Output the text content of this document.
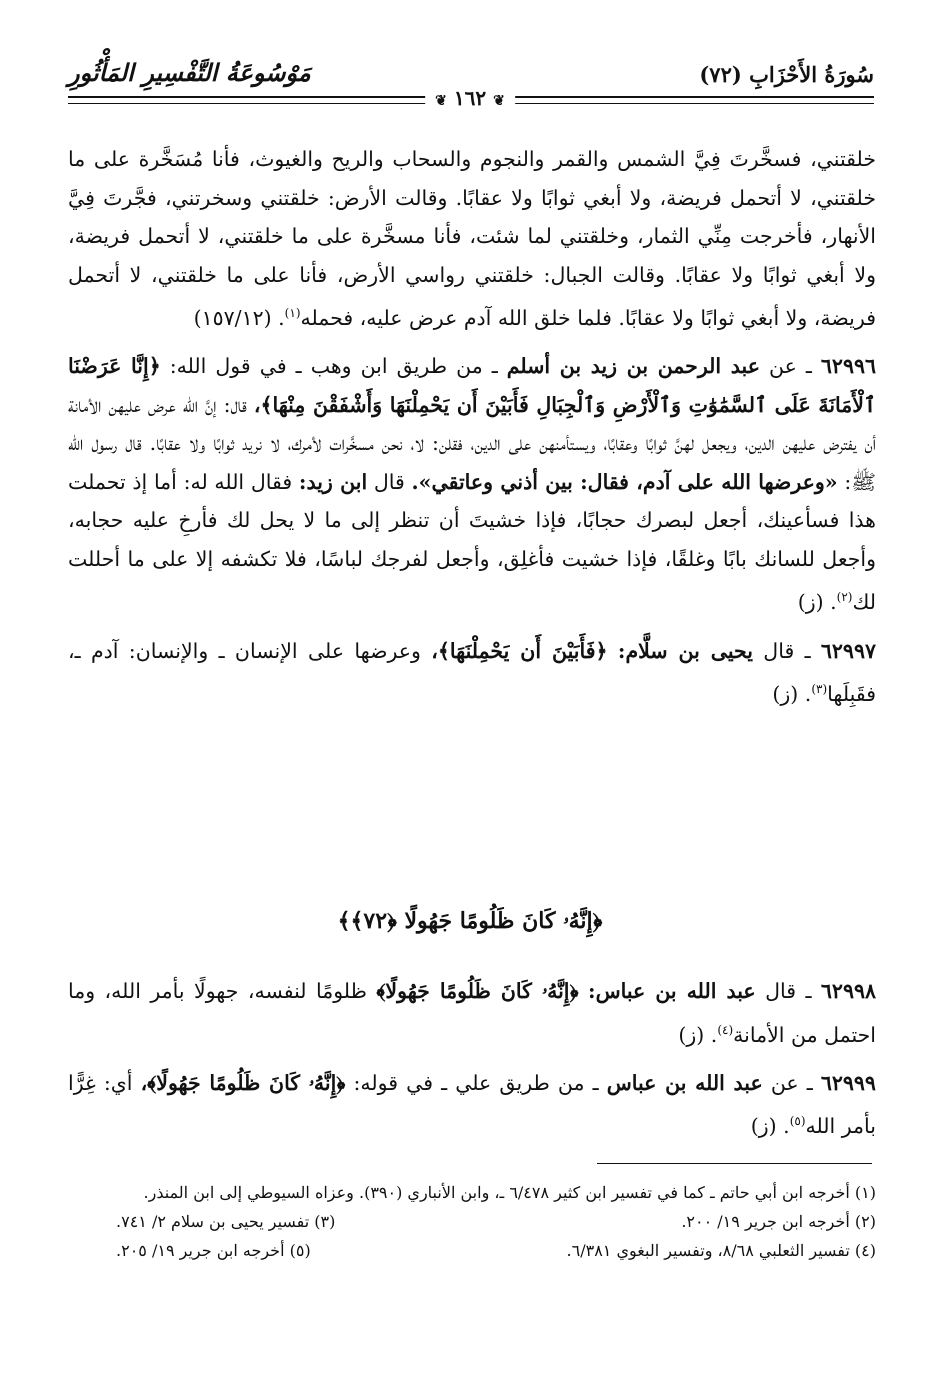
سُورَةُ الأَحْزَابِ (٧٢)
مَوْسُوعَةُ التَّفْسِيرِ المَأْثُورِ
❦ ١٦٢ ❦

خلقتني، فسخَّرتَ فِيَّ الشمس والقمر والنجوم والسحاب والريح والغيوث، فأنا مُسَخَّرة على ما خلقتني، لا أتحمل فريضة، ولا أبغي ثوابًا ولا عقابًا. وقالت الأرض: خلقتني وسخرتني، فجَّرتَ فِيَّ الأنهار، فأخرجت مِنِّي الثمار، وخلقتني لما شئت، فأنا مسخَّرة على ما خلقتني، لا أتحمل فريضة، ولا أبغي ثوابًا ولا عقابًا. وقالت الجبال: خلقتني رواسي الأرض، فأنا على ما خلقتني، لا أتحمل فريضة، ولا أبغي ثوابًا ولا عقابًا. فلما خلق الله آدم عرض عليه، فحمله$^{(١)}$. (١٥٧/١٢)

٦٢٩٩٦ ـ عن عبد الرحمن بن زيد بن أسلم ـ من طريق ابن وهب ـ في قول الله: ﴿إِنَّا عَرَضْنَا ٱلْأَمَانَةَ عَلَى ٱلسَّمَٰوَٰتِ وَٱلْأَرْضِ وَٱلْجِبَالِ فَأَبَيْنَ أَن يَحْمِلْنَهَا وَأَشْفَقْنَ مِنْهَا﴾، قال: إنَّ الله عرض عليهن الأمانة أن يفترض عليهن الدين، ويجعل لهنَّ ثوابًا وعقابًا، ويستأمنهن على الدين، فقلن: لا، نحن مسخَّرات لأمرك، لا نريد ثوابًا ولا عقابًا. قال رسول الله ﷺ: «وعرضها الله على آدم، فقال: بين أذني وعاتقي». قال ابن زيد: فقال الله له: أما إذ تحملت هذا فسأعينك، أجعل لبصرك حجابًا، فإذا خشيتَ أن تنظر إلى ما لا يحل لك فأرخِ عليه حجابه، وأجعل للسانك بابًا وغلقًا، فإذا خشيت فأغلِق، وأجعل لفرجك لباسًا، فلا تكشفه إلا على ما أحللت لك$^{(٢)}$. (ز)

٦٢٩٩٧ ـ قال يحيى بن سلَّام: ﴿فَأَبَيْنَ أَن يَحْمِلْنَهَا﴾، وعرضها على الإنسان ـ والإنسان: آدم ـ، فقَبِلَها$^{(٣)}$. (ز)

﴿إِنَّهُۥ كَانَ ظَلُومًا جَهُولًا ﴿٧٢﴾﴾

٦٢٩٩٨ ـ قال عبد الله بن عباس: ﴿إِنَّهُۥ كَانَ ظَلُومًا جَهُولًا﴾ ظلومًا لنفسه، جهولًا بأمر الله، وما احتمل من الأمانة$^{(٤)}$. (ز)

٦٢٩٩٩ ـ عن عبد الله بن عباس ـ من طريق علي ـ في قوله: ﴿إِنَّهُۥ كَانَ ظَلُومًا جَهُولًا﴾، أي: غِرًّا بأمر الله$^{(٥)}$. (ز)

(١) أخرجه ابن أبي حاتم ـ كما في تفسير ابن كثير ٦/٤٧٨ ـ، وابن الأنباري (٣٩٠). وعزاه السيوطي إلى ابن المنذر.
(٢) أخرجه ابن جرير ١٩/ ٢٠٠.
(٣) تفسير يحيى بن سلام ٢/ ٧٤١.
(٤) تفسير الثعلبي ٨/٦٨، وتفسير البغوي ٦/٣٨١.
(٥) أخرجه ابن جرير ١٩/ ٢٠٥.
